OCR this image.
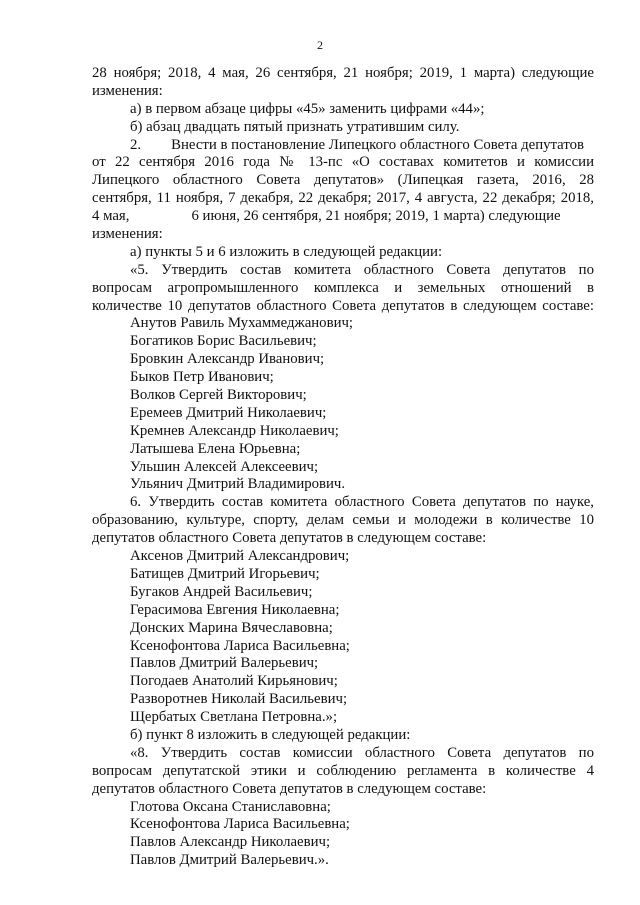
2
28 ноября; 2018, 4 мая, 26 сентября, 21 ноября; 2019, 1 марта) следующие
изменения:
а) в первом абзаце цифры «45» заменить цифрами «44»;
б) абзац двадцать пятый признать утратившим силу.
2. Внести в постановление Липецкого областного Совета депутатов
от 22 сентября 2016 года № 13-пс «О составах комитетов и комиссии
Липецкого областного Совета депутатов» (Липецкая газета, 2016, 28
сентября, 11 ноября, 7 декабря, 22 декабря; 2017, 4 августа, 22 декабря; 2018,
4 мая,	6 июня, 26 сентября, 21 ноября; 2019, 1 марта) следующие
изменения:
а) пункты 5 и 6 изложить в следующей редакции:
«5. Утвердить состав комитета областного Совета депутатов по
вопросам агропромышленного комплекса и земельных отношений в
количестве 10 депутатов областного Совета депутатов в следующем составе:
Анутов Равиль Мухаммеджанович;
Богатиков Борис Васильевич;
Бровкин Александр Иванович;
Быков Петр Иванович;
Волков Сергей Викторович;
Еремеев Дмитрий Николаевич;
Кремнев Александр Николаевич;
Латышева Елена Юрьевна;
Ульшин Алексей Алексеевич;
Ульянич Дмитрий Владимирович.
6. Утвердить состав комитета областного Совета депутатов по науке,
образованию, культуре, спорту, делам семьи и молодежи в количестве 10
депутатов областного Совета депутатов в следующем составе:
Аксенов Дмитрий Александрович;
Батищев Дмитрий Игорьевич;
Бугаков Андрей Васильевич;
Герасимова Евгения Николаевна;
Донских Марина Вячеславовна;
Ксенофонтова Лариса Васильевна;
Павлов Дмитрий Валерьевич;
Погодаев Анатолий Кирьянович;
Разворотнев Николай Васильевич;
Щербатых Светлана Петровна.»;
б) пункт 8 изложить в следующей редакции:
«8. Утвердить состав комиссии областного Совета депутатов по
вопросам депутатской этики и соблюдению регламента в количестве 4
депутатов областного Совета депутатов в следующем составе:
Глотова Оксана Станиславовна;
Ксенофонтова Лариса Васильевна;
Павлов Александр Николаевич;
Павлов Дмитрий Валерьевич.».
